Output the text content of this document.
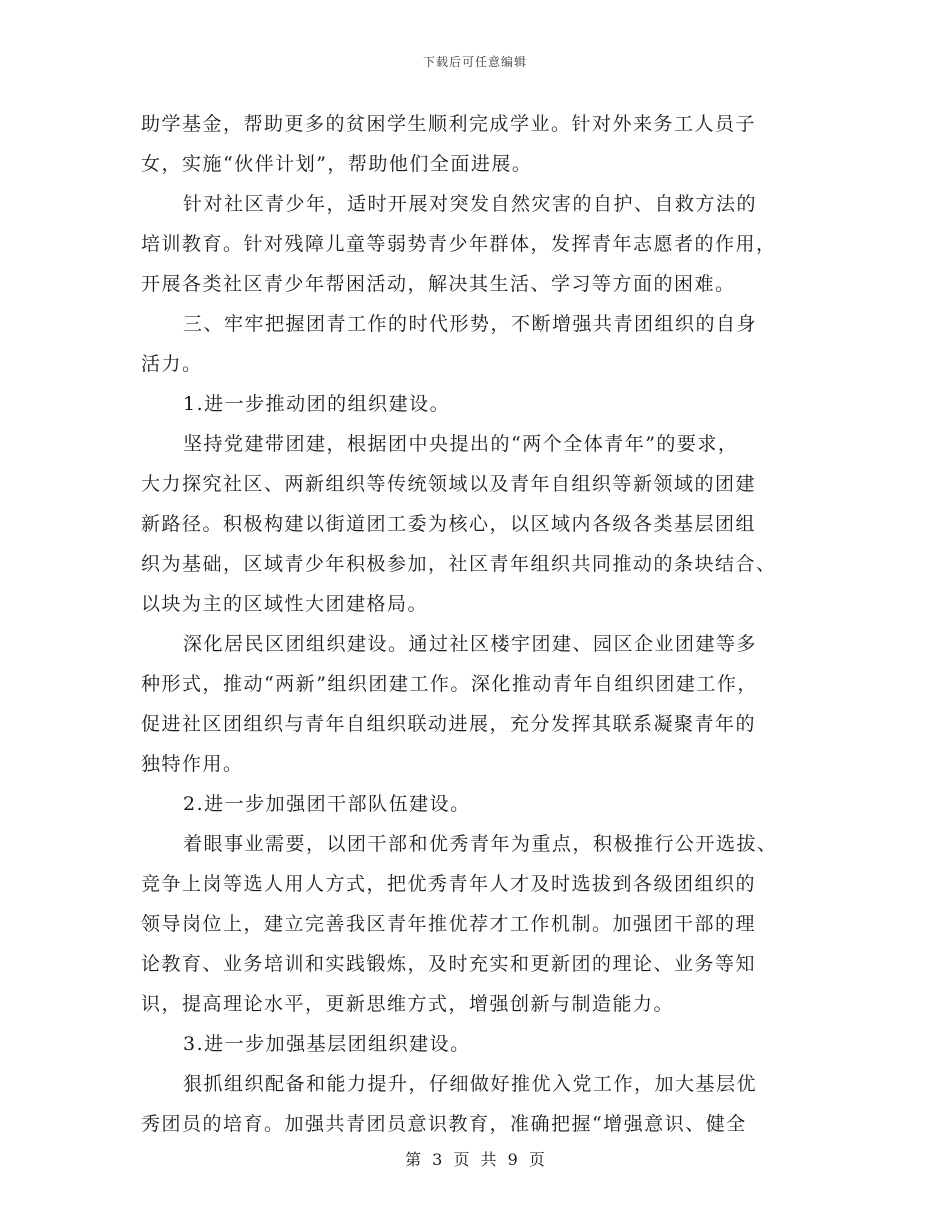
下载后可任意编辑
助学基金，帮助更多的贫困学生顺利完成学业。针对外来务工人员子
女，实施“伙伴计划”，帮助他们全面进展。
针对社区青少年，适时开展对突发自然灾害的自护、自救方法的
培训教育。针对残障儿童等弱势青少年群体，发挥青年志愿者的作用，
开展各类社区青少年帮困活动，解决其生活、学习等方面的困难。
三、牢牢把握团青工作的时代形势，不断增强共青团组织的自身
活力。
1.进一步推动团的组织建设。
坚持党建带团建，根据团中央提出的“两个全体青年”的要求，
大力探究社区、两新组织等传统领域以及青年自组织等新领域的团建
新路径。积极构建以街道团工委为核心，以区域内各级各类基层团组
织为基础，区域青少年积极参加，社区青年组织共同推动的条块结合、
以块为主的区域性大团建格局。
深化居民区团组织建设。通过社区楼宇团建、园区企业团建等多
种形式，推动“两新”组织团建工作。深化推动青年自组织团建工作，
促进社区团组织与青年自组织联动进展，充分发挥其联系凝聚青年的
独特作用。
2.进一步加强团干部队伍建设。
着眼事业需要，以团干部和优秀青年为重点，积极推行公开选拔、
竞争上岗等选人用人方式，把优秀青年人才及时选拔到各级团组织的
领导岗位上，建立完善我区青年推优荐才工作机制。加强团干部的理
论教育、业务培训和实践锻炼，及时充实和更新团的理论、业务等知
识，提高理论水平，更新思维方式，增强创新与制造能力。
3.进一步加强基层团组织建设。
狠抓组织配备和能力提升，仔细做好推优入党工作，加大基层优
秀团员的培育。加强共青团员意识教育，准确把握“增强意识、健全
第 3 页 共 9 页
